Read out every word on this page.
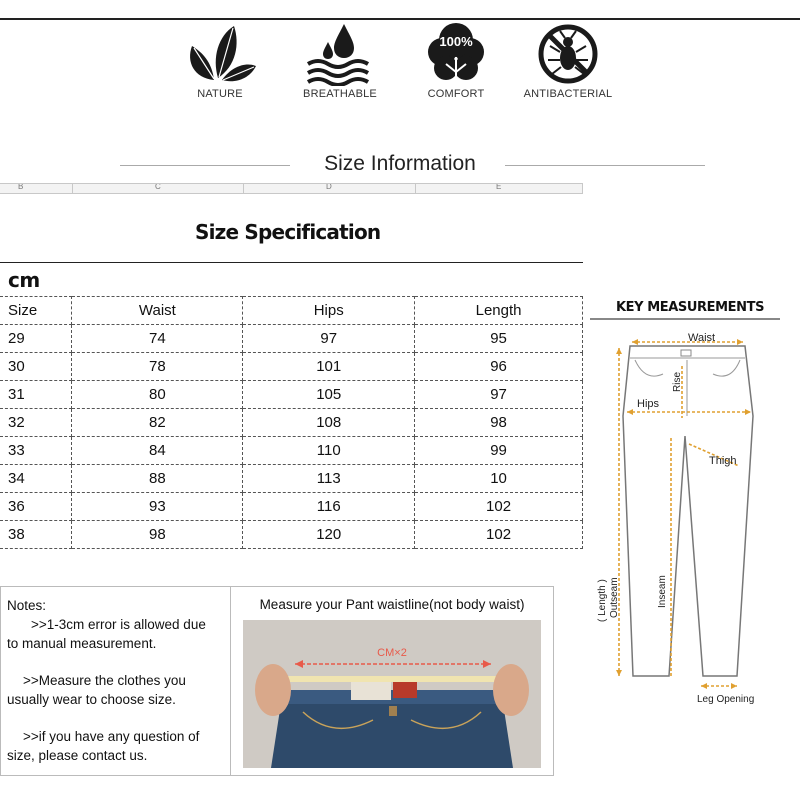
NATURE	BREATHABLE
100%
COMFORT	ANTIBACTERIAL
Size Information
B	C	D	E
Size Specification
cm
Size	Waist	Hips	Length
29	74	97	95
30	78	101	96
31	80	105	97
32	82	108	98
33	84	110	99
34	88	113	10
36	93	116	102
38	98	120	102
KEY MEASUREMENTS
Waist
Rise
Hips
Thigh
( Length ) Outseam	Inseam
Leg Opening
Notes:
>>1-3cm error is allowed due
to manual measurement.
>>Measure the clothes you
usually wear to choose size.
>>if you have any question of
size, please contact us.
Measure your Pant waistline(not body waist)
CM×2
